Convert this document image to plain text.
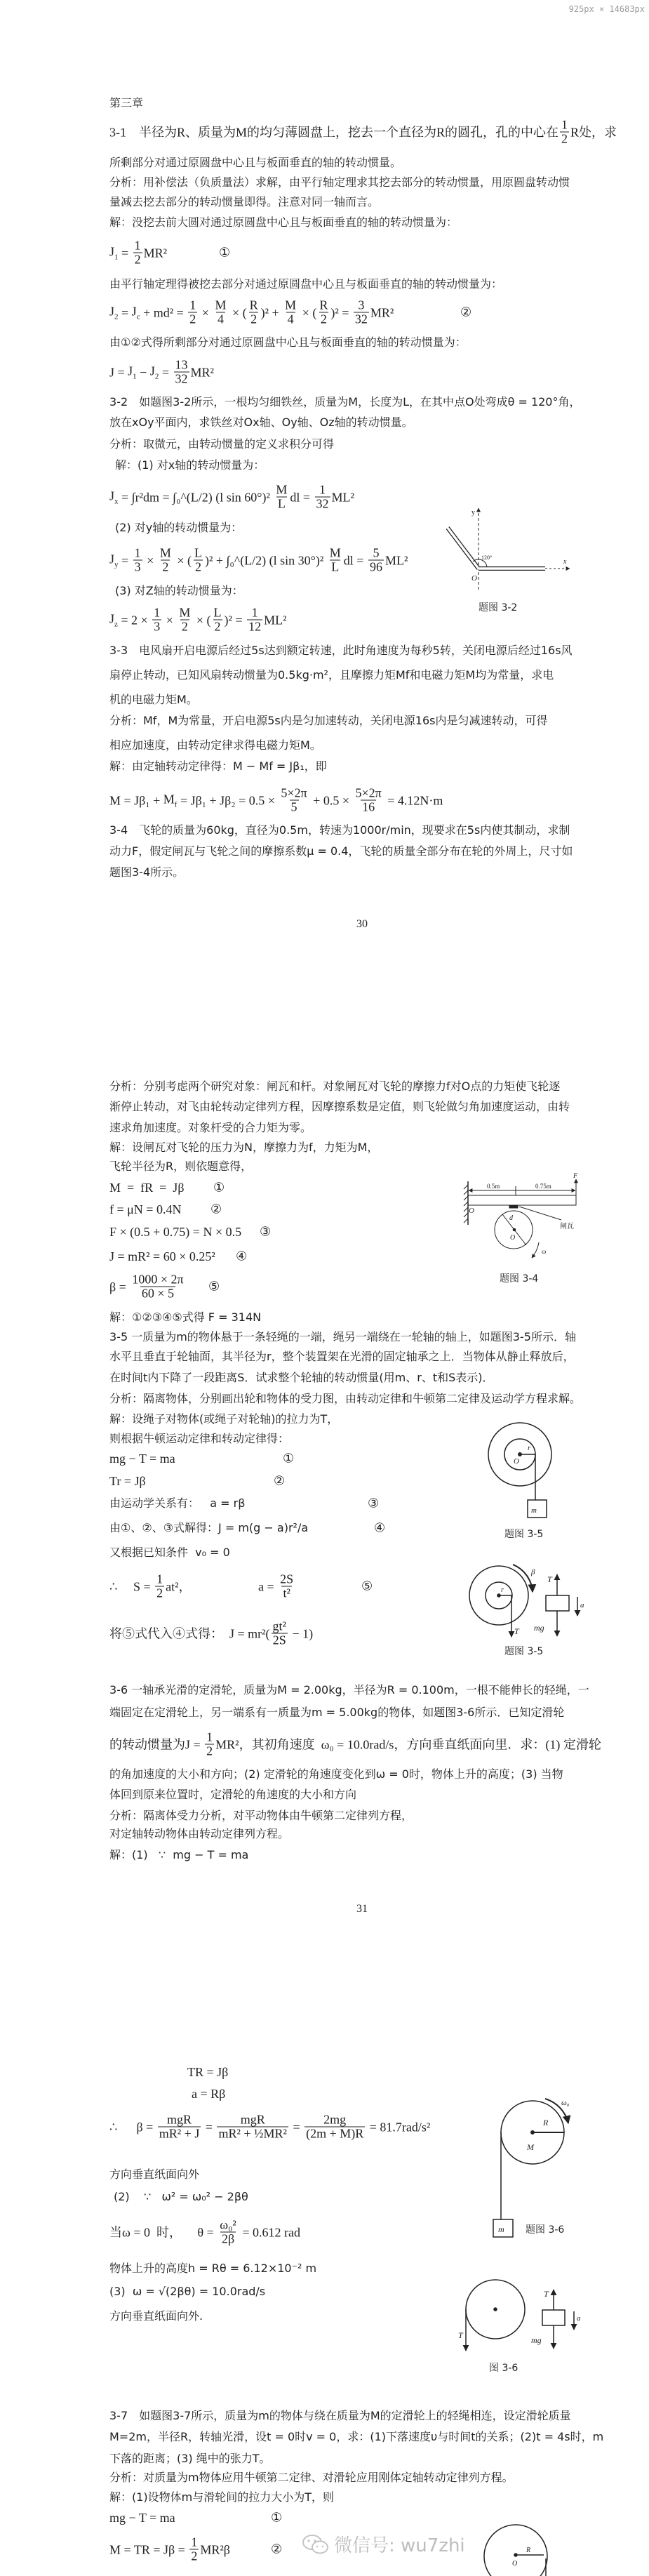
925px × 14683px
第三章
3-1　半径为R、质量为M的均匀薄圆盘上，挖去一个直径为R的圆孔，孔的中心在 $\frac{1}{2}$ R处，求
所剩部分对通过原圆盘中心且与板面垂直的轴的转动惯量。
分析：用补偿法（负质量法）求解，由平行轴定理求其挖去部分的转动惯量，用原圆盘转动惯
量减去挖去部分的转动惯量即得。注意对同一轴而言。
解：没挖去前大圆对通过原圆盘中心且与板面垂直的轴的转动惯量为：
$J_1 = \frac{1}{2} MR^2$	①
由平行轴定理得被挖去部分对通过原圆盘中心且与板面垂直的轴的转动惯量为：
$J_2 = J_c + md^2 = \frac{1}{2} \times \frac{M}{4}$ × ( $\frac{R}{2} )^2 + \frac{M}{4}$ × ( $\frac{R}{2} )^2 = \frac{3}{32} MR^2$	②
由①②式得所剩部分对通过原圆盘中心且与板面垂直的轴的转动惯量为：
$J = J_1 - J_2 = \frac{13}{32} MR^2$
3-2　如题图3-2所示，一根均匀细铁丝，质量为M，长度为L，在其中点O处弯成θ = 120°角，
放在xOy平面内，求铁丝对Ox轴、Oy轴、Oz轴的转动惯量。
分析：取微元，由转动惯量的定义求积分可得
解：(1) 对x轴的转动惯量为：
$J_x = \int r^2dm$ = ∫₀^(L/2) (l $\sin 60^\circ)^2 \frac{M}{L}$ dl = $\frac{1}{32} ML^2$
(2) 对y轴的转动惯量为：
$J_y = \frac{1}{3} \times \frac{M}{2}$ × ( $\frac{L}{2} )^2$ + ∫₀^(L/2) (l $\sin 30^\circ)^2 \frac{M}{L}$ dl = $\frac{5}{96} ML^2$
(3) 对Z轴的转动惯量为：
$J_z = 2 \times \frac{1}{3} \times \frac{M}{2}$ × ( $\frac{L}{2} )^2 = \frac{1}{12} ML^2$
3-3　电风扇开启电源后经过5s达到额定转速，此时角速度为每秒5转，关闭电源后经过16s风
扇停止转动，已知风扇转动惯量为0.5kg·m²，且摩擦力矩Mf和电磁力矩M均为常量，求电
机的电磁力矩M。
分析：Mf，M为常量，开启电源5s内是匀加速转动，关闭电源16s内是匀减速转动，可得
相应加速度，由转动定律求得电磁力矩M。
解：由定轴转动定律得：M − Mf = Jβ₁，即
$M = J\beta_1 + M_f = J\beta_1 + J\beta_2 = 0.5 \times \frac{5\times 2\pi}{5} + 0.5 \times \frac{5\times 2\pi}{16} = 4.12N\cdot m$
3-4　飞轮的质量为60kg，直径为0.5m，转速为1000r/min，现要求在5s内使其制动，求制
动力F，假定闸瓦与飞轮之间的摩擦系数μ = 0.4，飞轮的质量全部分布在轮的外周上，尺寸如
题图3-4所示。
分析：分别考虑两个研究对象：闸瓦和杆。对象闸瓦对飞轮的摩擦力f对O点的力矩使飞轮逐
渐停止转动，对飞由轮转动定律列方程，因摩擦系数是定值，则飞轮做匀角加速度运动，由转
速求角加速度。对象杆受的合力矩为零。
解：设闸瓦对飞轮的压力为N，摩擦力为f，力矩为M，
飞轮半径为R，则依题意得，
M  =  fR  =  Jβ ①
f = μN = 0.4N ②
F × (0.5 + 0.75) = N × 0.5 ③
J = mR² = 60 × 0.25² ④
$\beta = \frac{1000 \times 2\pi}{60 \times 5}$ ⑤
解：①②③④⑤式得 F = 314N
3-5 一质量为m的物体悬于一条轻绳的一端，绳另一端绕在一轮轴的轴上，如题图3-5所示．轴
水平且垂直于轮轴面，其半径为r，整个装置架在光滑的固定轴承之上．当物体从静止释放后，
在时间t内下降了一段距离S．试求整个轮轴的转动惯量(用m、r、t和S表示)．
分析：隔离物体，分别画出轮和物体的受力图，由转动定律和牛顿第二定律及运动学方程求解。
解：设绳子对物体(或绳子对轮轴)的拉力为T，
则根据牛顿运动定律和转动定律得：
mg − T = ma	①
Tr = Jβ	②
由运动学关系有：   a = rβ	③
由①、②、③式解得：J = m(g − a)r²/a	④
又根据已知条件  v₀ = 0
∴     $S = \frac{1}{2} at^2$，	$a = \frac{2S}{\text{t²}}$	⑤
将⑤式代入④式得：  $J = mr^2( \frac{\text{gt²}}{2S} - 1)$
3-6 一轴承光滑的定滑轮，质量为M = 2.00kg，半径为R = 0.100m，一根不能伸长的轻绳，一
端固定在定滑轮上，另一端系有一质量为m = 5.00kg的物体，如题图3-6所示．已知定滑轮
的转动惯量为$J = \frac{1}{2} MR^2$，其初角速度  ω₀ = 10.0rad/s，方向垂直纸面向里．求：(1) 定滑轮
的角加速度的大小和方向；(2) 定滑轮的角速度变化到ω = 0时，物体上升的高度；(3) 当物
体回到原来位置时，定滑轮的角速度的大小和方向
分析：隔离体受力分析，对平动物体由牛顿第二定律列方程，
对定轴转动物体由转动定律列方程。
解：(1)   ∵  mg − T = ma
TR = Jβ
a = Rβ
∴      $\beta = \frac{\text{mgR}}{\text{mR² + J}} = \frac{\text{mgR}}{\text{mR² + ½MR²}} = \frac{2mg}{(2m + M)R} = 81.7rad/s^2$
方向垂直纸面向外
(2)    ∵   ω² = ω₀² − 2βθ
当ω = 0  时，     $\theta = \frac{\text{ω₀²}}{2\beta} = 0.612$ rad
物体上升的高度h = Rθ = 6.12×10⁻² m
(3)  ω = √(2βθ) = 10.0rad/s
方向垂直纸面向外.
3-7　如题图3-7所示，质量为m的物体与绕在质量为M的定滑轮上的轻绳相连，设定滑轮质量
M=2m，半径R，转轴光滑，设t = 0时v = 0，求：(1)下落速度υ与时间t的关系；(2)t = 4s时，m
下落的距离；(3) 绳中的张力T。
分析：对质量为m物体应用牛顿第二定律、对滑轮应用刚体定轴转动定律列方程。
解：(1)设物体m与滑轮间的拉力大小为T，则
mg − T = ma	①
M = TR = $J\beta = \frac{1}{2} MR^2\beta$	②
30
31
y
x
O
120°
题图 3-2
0.5m	0.75m
F
O
d
O
闸瓦
ω
题图 3-4
r
O
m
题图 3-5
β
r
T
T
mg
a
题图 3-5
ω₀
R
M
m 题图 3-6
T
T
mg
a
图 3-6
R
O
微信号: wu7zhi
